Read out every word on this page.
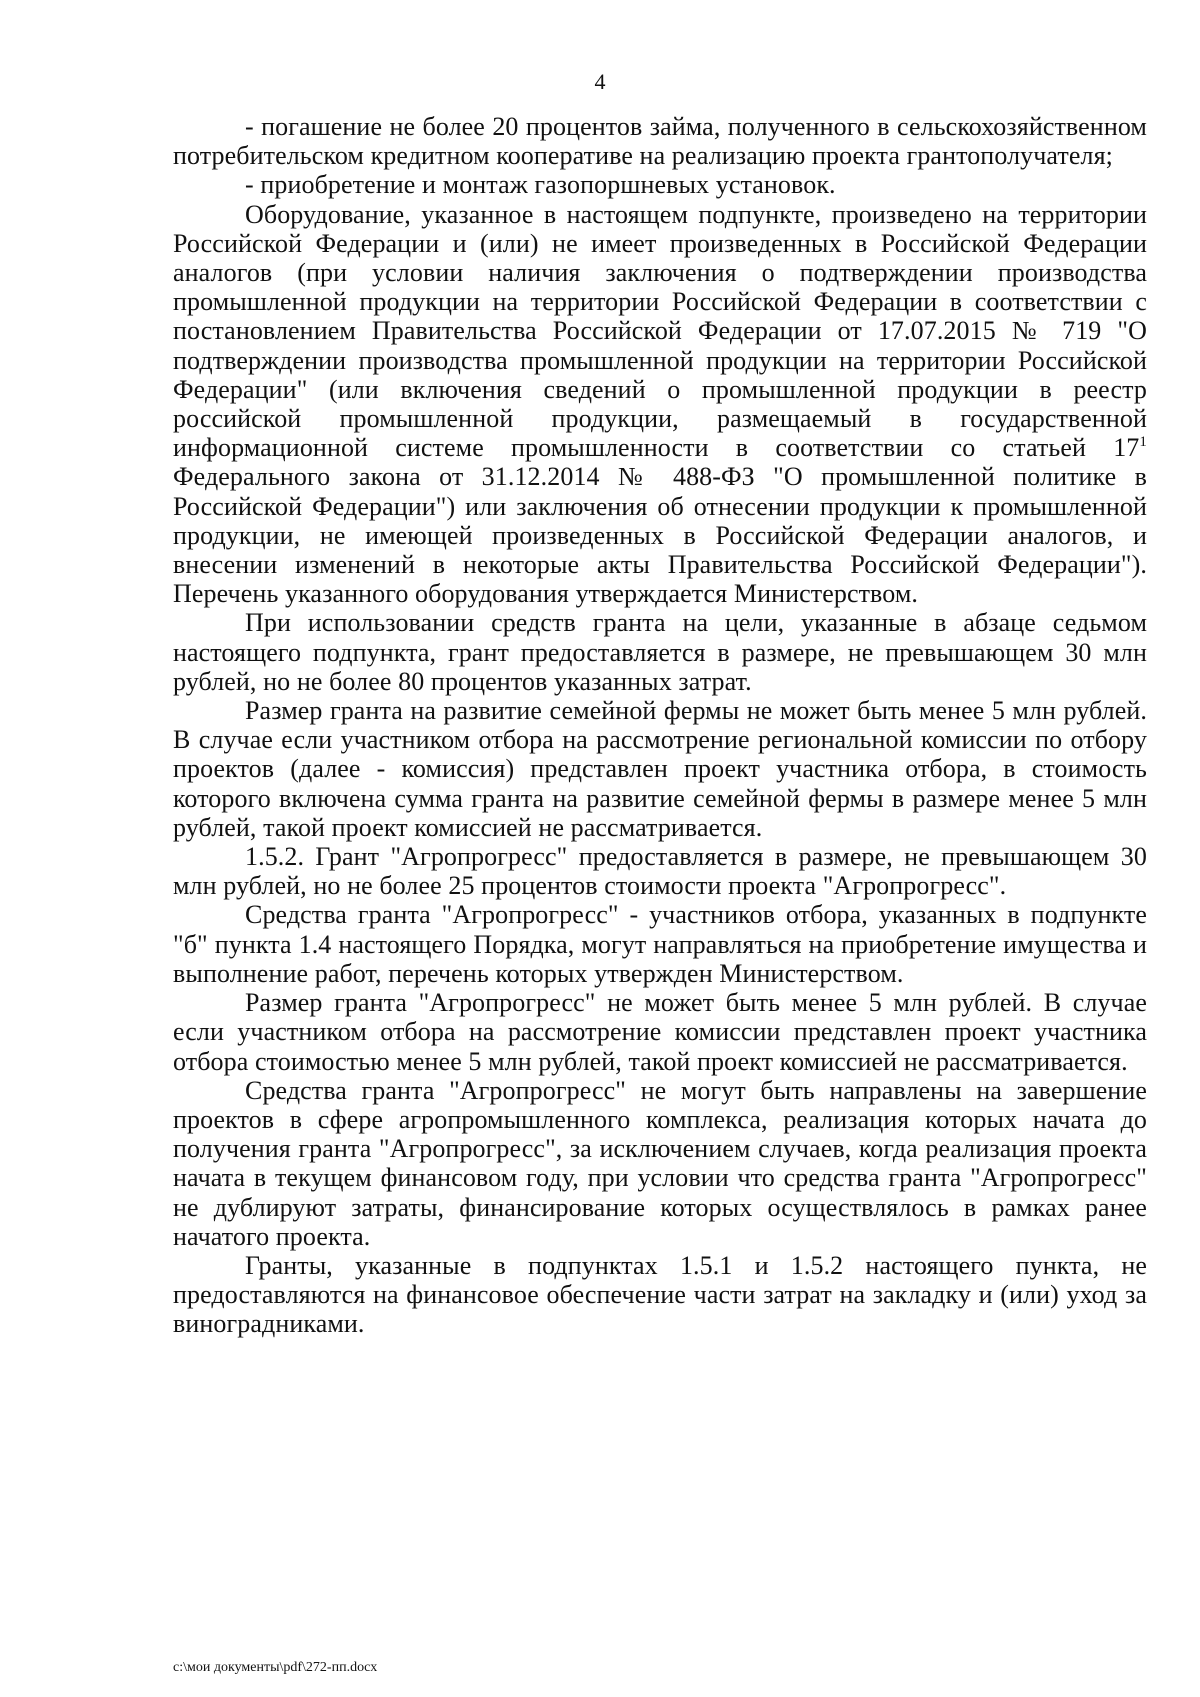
4

- погашение не более 20 процентов займа, полученного в сельскохозяйственном потребительском кредитном кооперативе на реализацию проекта грантополучателя;

- приобретение и монтаж газопоршневых установок.

Оборудование, указанное в настоящем подпункте, произведено на территории Российской Федерации и (или) не имеет произведенных в Российской Федерации аналогов (при условии наличия заключения о подтверждении производства промышленной продукции на территории Российской Федерации в соответствии с постановлением Правительства Российской Федерации от 17.07.2015 № 719 "О подтверждении производства промышленной продукции на территории Российской Федерации" (или включения сведений о промышленной продукции в реестр российской промышленной продукции, размещаемый в государственной информационной системе промышленности в соответствии со статьей $17^1$ Федерального закона от 31.12.2014 № 488-ФЗ "О промышленной политике в Российской Федерации") или заключения об отнесении продукции к промышленной продукции, не имеющей произведенных в Российской Федерации аналогов, и внесении изменений в некоторые акты Правительства Российской Федерации"). Перечень указанного оборудования утверждается Министерством.

При использовании средств гранта на цели, указанные в абзаце седьмом настоящего подпункта, грант предоставляется в размере, не превышающем 30 млн рублей, но не более 80 процентов указанных затрат.

Размер гранта на развитие семейной фермы не может быть менее 5 млн рублей. В случае если участником отбора на рассмотрение региональной комиссии по отбору проектов (далее - комиссия) представлен проект участника отбора, в стоимость которого включена сумма гранта на развитие семейной фермы в размере менее 5 млн рублей, такой проект комиссией не рассматривается.

1.5.2. Грант "Агропрогресс" предоставляется в размере, не превышающем 30 млн рублей, но не более 25 процентов стоимости проекта "Агропрогресс".

Средства гранта "Агропрогресс" - участников отбора, указанных в подпункте "б" пункта 1.4 настоящего Порядка, могут направляться на приобретение имущества и выполнение работ, перечень которых утвержден Министерством.

Размер гранта "Агропрогресс" не может быть менее 5 млн рублей. В случае если участником отбора на рассмотрение комиссии представлен проект участника отбора стоимостью менее 5 млн рублей, такой проект комиссией не рассматривается.

Средства гранта "Агропрогресс" не могут быть направлены на завершение проектов в сфере агропромышленного комплекса, реализация которых начата до получения гранта "Агропрогресс", за исключением случаев, когда реализация проекта начата в текущем финансовом году, при условии что средства гранта "Агропрогресс" не дублируют затраты, финансирование которых осуществлялось в рамках ранее начатого проекта.

Гранты, указанные в подпунктах 1.5.1 и 1.5.2 настоящего пункта, не предоставляются на финансовое обеспечение части затрат на закладку и (или) уход за виноградниками.

c:\мои документы\pdf\272-пп.docx
